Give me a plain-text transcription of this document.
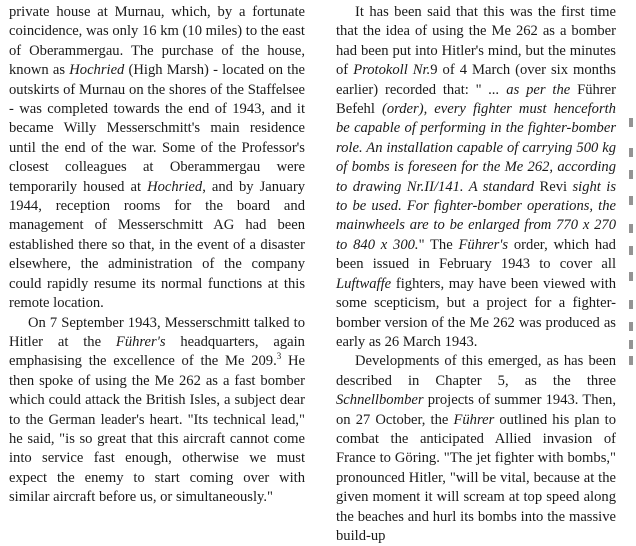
private house at Murnau, which, by a fortunate coincidence, was only 16 km (10 miles) to the east of Oberammergau. The purchase of the house, known as Hochried (High Marsh) - located on the outskirts of Murnau on the shores of the Staffelsee - was completed towards the end of 1943, and it became Willy Messerschmitt's main residence until the end of the war. Some of the Professor's closest colleagues at Oberammergau were temporarily housed at Hochried, and by January 1944, reception rooms for the board and management of Messerschmitt AG had been established there so that, in the event of a disaster elsewhere, the administration of the company could rapidly resume its normal functions at this remote location.

On 7 September 1943, Messerschmitt talked to Hitler at the Führer's headquarters, again emphasising the excellence of the Me 209.$^3$ He then spoke of using the Me 262 as a fast bomber which could attack the British Isles, a subject dear to the German leader's heart. "Its technical lead," he said, "is so great that this aircraft cannot come into service fast enough, otherwise we must expect the enemy to start coming over with similar aircraft before us, or simultaneously."

It has been said that this was the first time that the idea of using the Me 262 as a bomber had been put into Hitler's mind, but the minutes of Protokoll Nr.9 of 4 March (over six months earlier) recorded that: " ... as per the Führer Befehl (order), every fighter must henceforth be capable of performing in the fighter-bomber role. An installation capable of carrying 500 kg of bombs is foreseen for the Me 262, according to drawing Nr.II/141. A standard Revi sight is to be used. For fighter-bomber operations, the mainwheels are to be enlarged from 770 x 270 to 840 x 300." The Führer's order, which had been issued in February 1943 to cover all Luftwaffe fighters, may have been viewed with some scepticism, but a project for a fighter-bomber version of the Me 262 was produced as early as 26 March 1943.

Developments of this emerged, as has been described in Chapter 5, as the three Schnellbomber projects of summer 1943. Then, on 27 October, the Führer outlined his plan to combat the anticipated Allied invasion of France to Göring. "The jet fighter with bombs," pronounced Hitler, "will be vital, because at the given moment it will scream at top speed along the beaches and hurl its bombs into the massive build-up
